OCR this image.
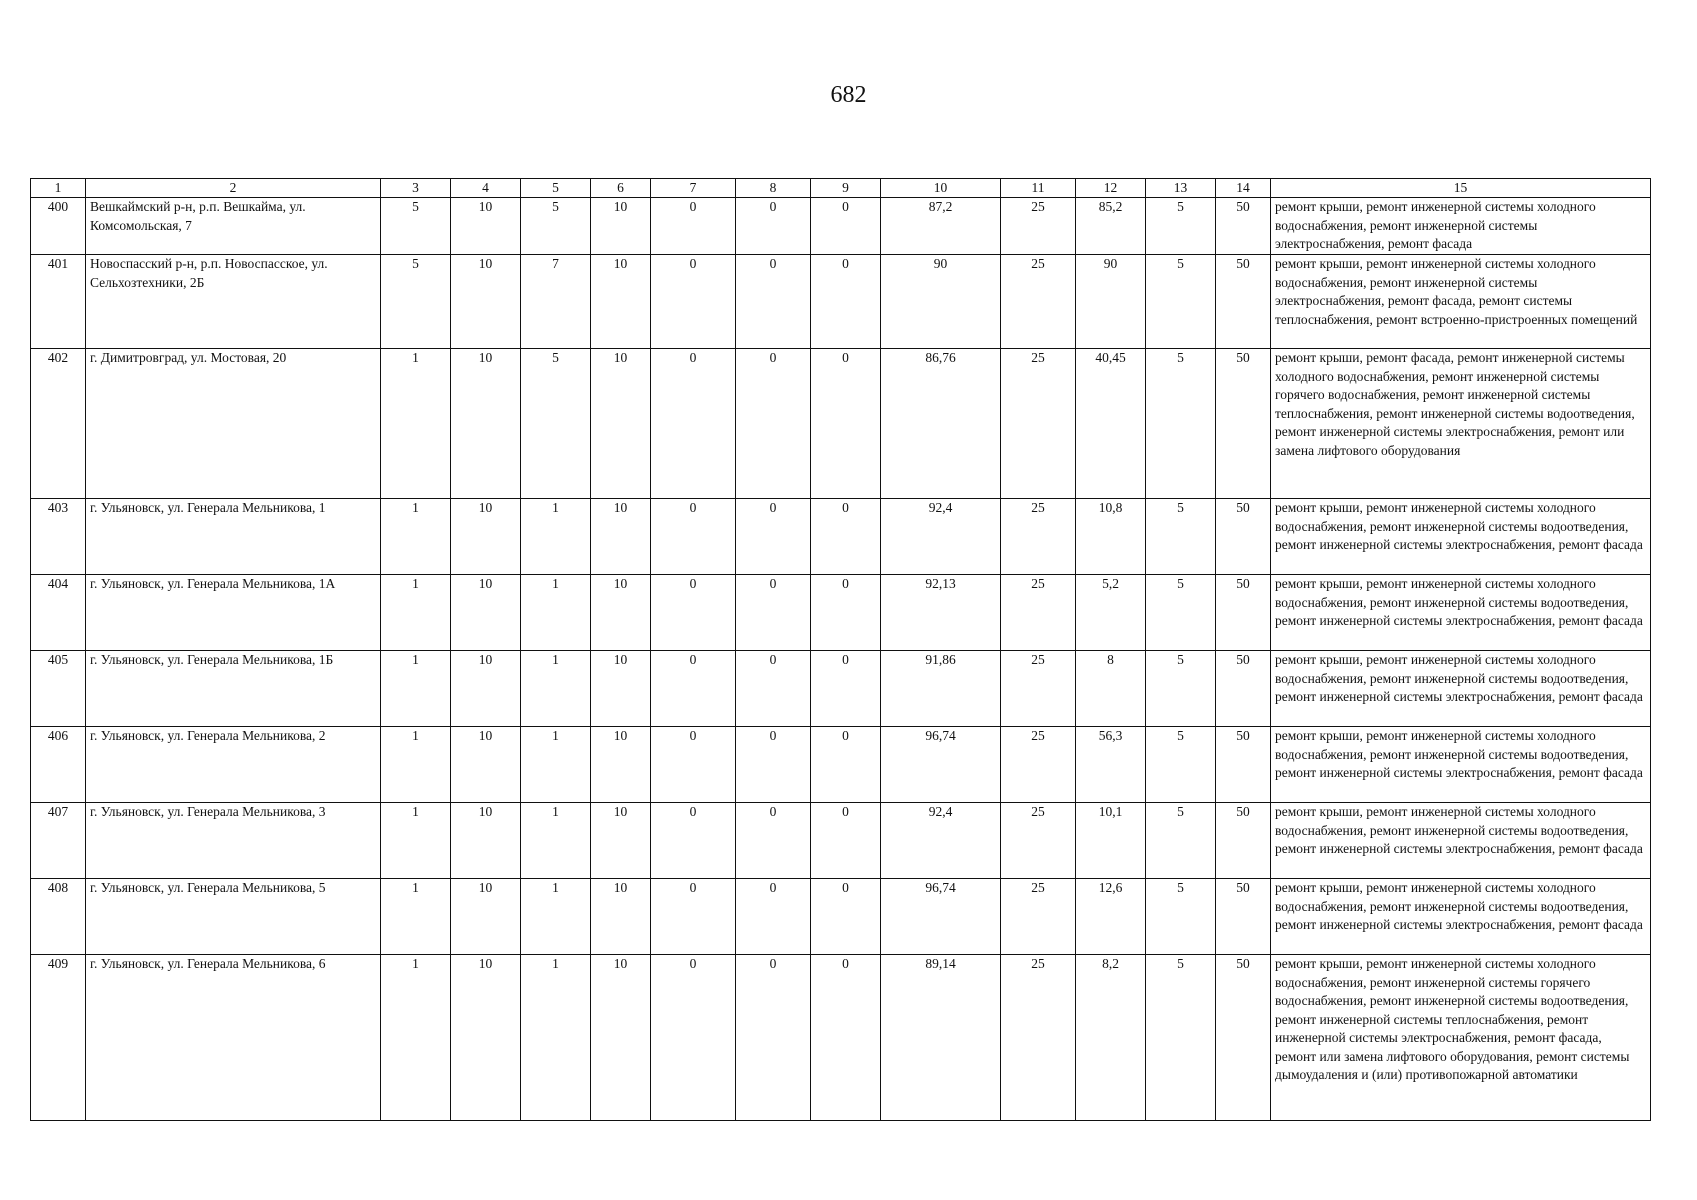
682
1	2	3	4	5	6	7	8	9	10	11	12	13	14	15
400	Вешкаймский р-н, р.п. Вешкайма, ул. Комсомольская, 7	5	10	5	10	0	0	0	87,2	25	85,2	5	50	ремонт крыши, ремонт инженерной системы холодного водоснабжения, ремонт инженерной системы электроснабжения, ремонт фасада
401	Новоспасский р-н, р.п. Новоспасское, ул. Сельхозтехники, 2Б	5	10	7	10	0	0	0	90	25	90	5	50	ремонт крыши, ремонт инженерной системы холодного водоснабжения, ремонт инженерной системы электроснабжения, ремонт фасада, ремонт системы теплоснабжения, ремонт встроенно-пристроенных помещений
402	г. Димитровград, ул. Мостовая, 20	1	10	5	10	0	0	0	86,76	25	40,45	5	50	ремонт крыши, ремонт фасада, ремонт инженерной системы холодного водоснабжения, ремонт инженерной системы горячего водоснабжения, ремонт инженерной системы теплоснабжения, ремонт инженерной системы водоотведения, ремонт инженерной системы электроснабжения, ремонт или замена лифтового оборудования
403	г. Ульяновск, ул. Генерала Мельникова, 1	1	10	1	10	0	0	0	92,4	25	10,8	5	50	ремонт крыши, ремонт инженерной системы холодного водоснабжения, ремонт инженерной системы водоотведения, ремонт инженерной системы электроснабжения, ремонт фасада
404	г. Ульяновск, ул. Генерала Мельникова, 1А	1	10	1	10	0	0	0	92,13	25	5,2	5	50	ремонт крыши, ремонт инженерной системы холодного водоснабжения, ремонт инженерной системы водоотведения, ремонт инженерной системы электроснабжения, ремонт фасада
405	г. Ульяновск, ул. Генерала Мельникова, 1Б	1	10	1	10	0	0	0	91,86	25	8	5	50	ремонт крыши, ремонт инженерной системы холодного водоснабжения, ремонт инженерной системы водоотведения, ремонт инженерной системы электроснабжения, ремонт фасада
406	г. Ульяновск, ул. Генерала Мельникова, 2	1	10	1	10	0	0	0	96,74	25	56,3	5	50	ремонт крыши, ремонт инженерной системы холодного водоснабжения, ремонт инженерной системы водоотведения, ремонт инженерной системы электроснабжения, ремонт фасада
407	г. Ульяновск, ул. Генерала Мельникова, 3	1	10	1	10	0	0	0	92,4	25	10,1	5	50	ремонт крыши, ремонт инженерной системы холодного водоснабжения, ремонт инженерной системы водоотведения, ремонт инженерной системы электроснабжения, ремонт фасада
408	г. Ульяновск, ул. Генерала Мельникова, 5	1	10	1	10	0	0	0	96,74	25	12,6	5	50	ремонт крыши, ремонт инженерной системы холодного водоснабжения, ремонт инженерной системы водоотведения, ремонт инженерной системы электроснабжения, ремонт фасада
409	г. Ульяновск, ул. Генерала Мельникова, 6	1	10	1	10	0	0	0	89,14	25	8,2	5	50	ремонт крыши, ремонт инженерной системы холодного водоснабжения, ремонт инженерной системы горячего водоснабжения, ремонт инженерной системы водоотведения, ремонт инженерной системы теплоснабжения, ремонт инженерной системы электроснабжения, ремонт фасада, ремонт или замена лифтового оборудования, ремонт системы дымоудаления и (или) противопожарной автоматики
